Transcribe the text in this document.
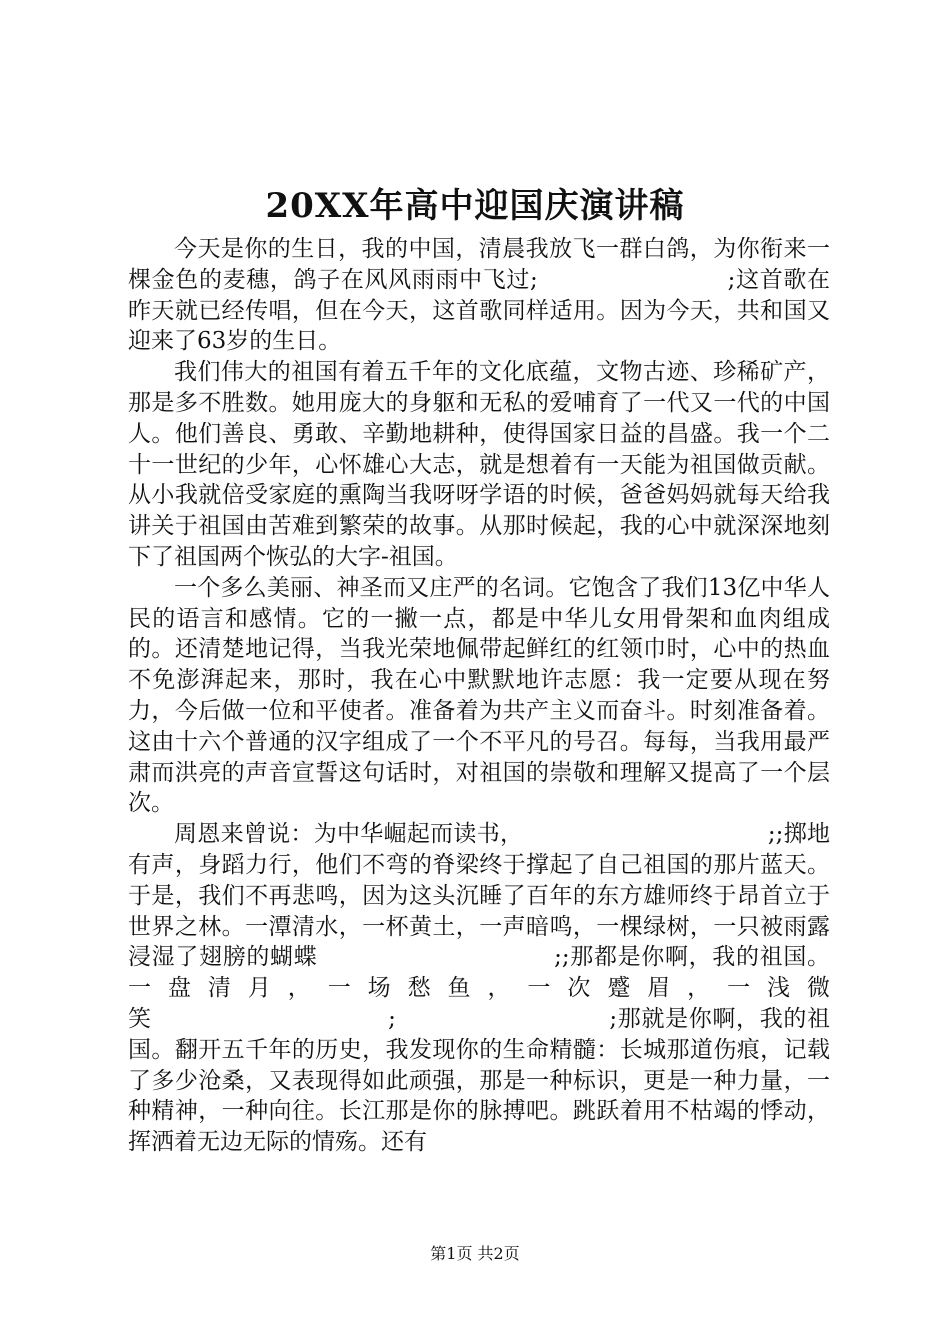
20XX年高中迎国庆演讲稿

今天是你的生日，我的中国，清晨我放飞一群白鸽，为你衔来一棵金色的麦穗，鸽子在风风雨雨中飞过;　　　　　　　　;这首歌在昨天就已经传唱，但在今天，这首歌同样适用。因为今天，共和国又迎来了63岁的生日。

我们伟大的祖国有着五千年的文化底蕴，文物古迹、珍稀矿产，那是多不胜数。她用庞大的身躯和无私的爱哺育了一代又一代的中国人。他们善良、勇敢、辛勤地耕种，使得国家日益的昌盛。我一个二十一世纪的少年，心怀雄心大志，就是想着有一天能为祖国做贡献。从小我就倍受家庭的熏陶当我呀呀学语的时候，爸爸妈妈就每天给我讲关于祖国由苦难到繁荣的故事。从那时候起，我的心中就深深地刻下了祖国两个恢弘的大字-祖国。

一个多么美丽、神圣而又庄严的名词。它饱含了我们13亿中华人民的语言和感情。它的一撇一点，都是中华儿女用骨架和血肉组成的。还清楚地记得，当我光荣地佩带起鲜红的红领巾时，心中的热血不免澎湃起来，那时，我在心中默默地许志愿：我一定要从现在努力，今后做一位和平使者。准备着为共产主义而奋斗。时刻准备着。这由十六个普通的汉字组成了一个不平凡的号召。每每，当我用最严肃而洪亮的声音宣誓这句话时，对祖国的崇敬和理解又提高了一个层次。

周恩来曾说：为中华崛起而读书，　　　　　　　　　　　;;掷地有声，身蹈力行，他们不弯的脊梁终于撑起了自己祖国的那片蓝天。于是，我们不再悲鸣，因为这头沉睡了百年的东方雄师终于昂首立于世界之林。一潭清水，一杯黄土，一声暗鸣，一棵绿树，一只被雨露浸湿了翅膀的蝴蝶　　　　　　　　　　;;那都是你啊，我的祖国。一盘清月，一场愁鱼，一次蹙眉，一浅微笑　　　　　　　　　　;　　　　　　　　　;那就是你啊，我的祖国。翻开五千年的历史，我发现你的生命精髓：长城那道伤痕，记载了多少沧桑，又表现得如此顽强，那是一种标识，更是一种力量，一种精神，一种向往。长江那是你的脉搏吧。跳跃着用不枯竭的悸动，挥洒着无边无际的情殇。还有

第1页 共2页
